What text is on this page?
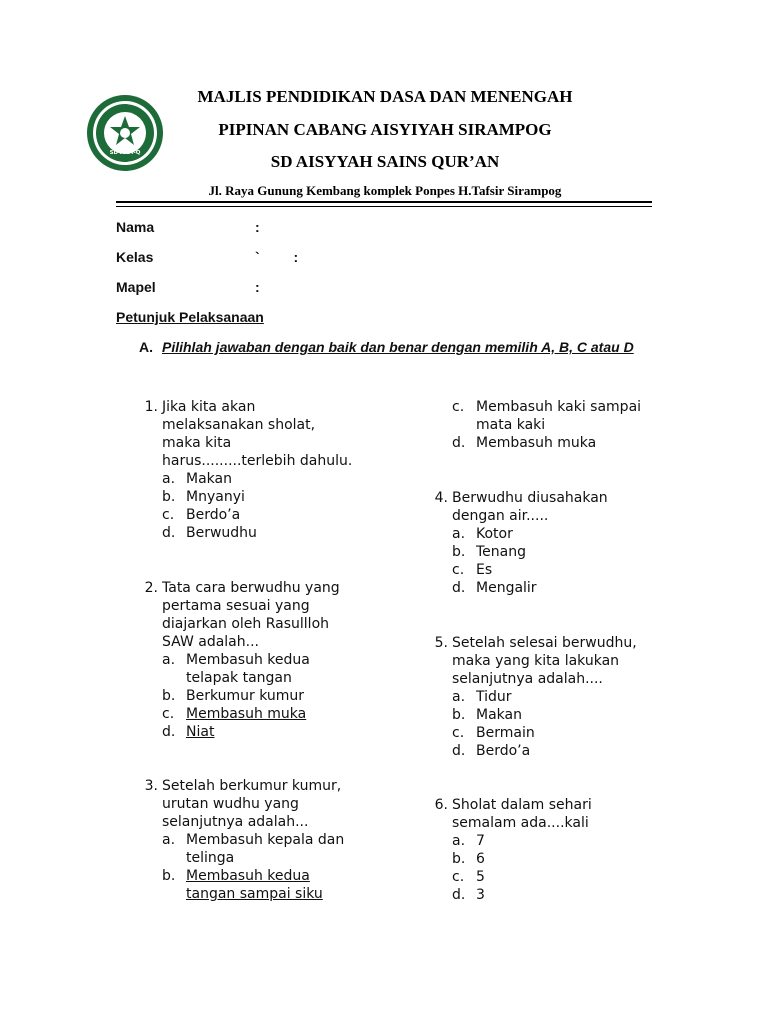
SD AISY-Q
MAJLIS PENDIDIKAN DASA DAN MENENGAH
PIPINAN CABANG AISYIYAH SIRAMPOG
SD AISYYAH SAINS QUR’AN
Jl. Raya Gunung Kembang komplek Ponpes H.Tafsir Sirampog
Nama	:
Kelas	` :
Mapel	:
Petunjuk Pelaksanaan
A. Pilihlah jawaban dengan baik dan benar dengan memilih A, B, C atau D
1. Jika kita akan
melaksanakan sholat,
maka kita
harus.........terlebih dahulu.
a. Makan
b. Mnyanyi
c. Berdo’a
d. Berwudhu
2. Tata cara berwudhu yang
pertama sesuai yang
diajarkan oleh Rasullloh
SAW adalah...
a. Membasuh kedua
telapak tangan
b. Berkumur kumur
c. Membasuh muka
d. Niat
3. Setelah berkumur kumur,
urutan wudhu yang
selanjutnya adalah...
a. Membasuh kepala dan
telinga
b. Membasuh kedua
tangan sampai siku
c. Membasuh kaki sampai
mata kaki
d. Membasuh muka
4. Berwudhu diusahakan
dengan air.....
a. Kotor
b. Tenang
c. Es
d. Mengalir
5. Setelah selesai berwudhu,
maka yang kita lakukan
selanjutnya adalah....
a. Tidur
b. Makan
c. Bermain
d. Berdo’a
6. Sholat dalam sehari
semalam ada....kali
a. 7
b. 6
c. 5
d. 3
